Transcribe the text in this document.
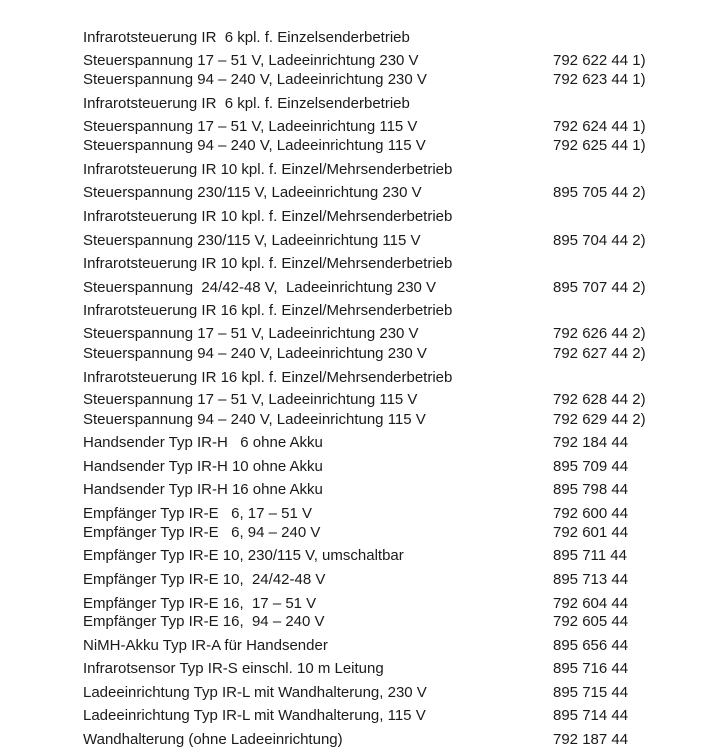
Infrarotsteuerung IR  6 kpl. f. Einzelsenderbetrieb
Steuerspannung 17 – 51 V, Ladeeinrichtung 230 V	792 622 44 1)
Steuerspannung 94 – 240 V, Ladeeinrichtung 230 V	792 623 44 1)
Infrarotsteuerung IR  6 kpl. f. Einzelsenderbetrieb
Steuerspannung 17 – 51 V, Ladeeinrichtung 115 V	792 624 44 1)
Steuerspannung 94 – 240 V, Ladeeinrichtung 115 V	792 625 44 1)
Infrarotsteuerung IR 10 kpl. f. Einzel/Mehrsenderbetrieb
Steuerspannung 230/115 V, Ladeeinrichtung 230 V	895 705 44 2)
Infrarotsteuerung IR 10 kpl. f. Einzel/Mehrsenderbetrieb
Steuerspannung 230/115 V, Ladeeinrichtung 115 V	895 704 44 2)
Infrarotsteuerung IR 10 kpl. f. Einzel/Mehrsenderbetrieb
Steuerspannung  24/42-48 V,  Ladeeinrichtung 230 V	895 707 44 2)
Infrarotsteuerung IR 16 kpl. f. Einzel/Mehrsenderbetrieb
Steuerspannung 17 – 51 V, Ladeeinrichtung 230 V	792 626 44 2)
Steuerspannung 94 – 240 V, Ladeeinrichtung 230 V	792 627 44 2)
Infrarotsteuerung IR 16 kpl. f. Einzel/Mehrsenderbetrieb
Steuerspannung 17 – 51 V, Ladeeinrichtung 115 V	792 628 44 2)
Steuerspannung 94 – 240 V, Ladeeinrichtung 115 V	792 629 44 2)
Handsender Typ IR-H   6 ohne Akku	792 184 44
Handsender Typ IR-H 10 ohne Akku	895 709 44
Handsender Typ IR-H 16 ohne Akku	895 798 44
Empfänger Typ IR-E   6, 17 – 51 V	792 600 44
Empfänger Typ IR-E   6, 94 – 240 V	792 601 44
Empfänger Typ IR-E 10, 230/115 V, umschaltbar	895 711 44
Empfänger Typ IR-E 10,  24/42-48 V	895 713 44
Empfänger Typ IR-E 16,  17 – 51 V	792 604 44
Empfänger Typ IR-E 16,  94 – 240 V	792 605 44
NiMH-Akku Typ IR-A für Handsender	895 656 44
Infrarotsensor Typ IR-S einschl. 10 m Leitung	895 716 44
Ladeeinrichtung Typ IR-L mit Wandhalterung, 230 V	895 715 44
Ladeeinrichtung Typ IR-L mit Wandhalterung, 115 V	895 714 44
Wandhalterung (ohne Ladeeinrichtung)	792 187 44
